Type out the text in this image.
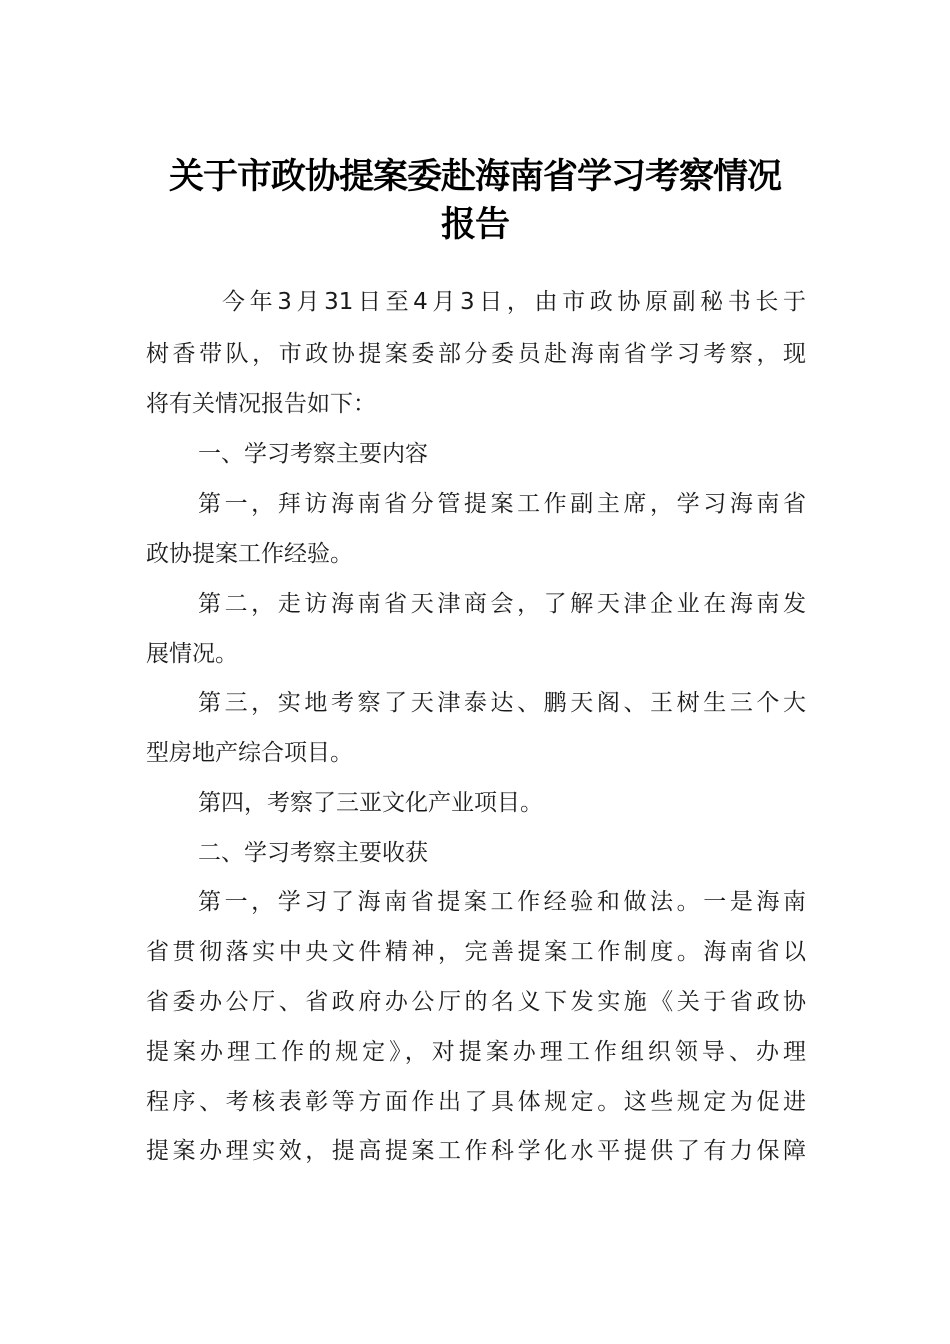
关于市政协提案委赴海南省学习考察情况
报告
今年3月31日至4月3日，由市政协原副秘书长于
树香带队，市政协提案委部分委员赴海南省学习考察，现
将有关情况报告如下：
一、学习考察主要内容
第一，拜访海南省分管提案工作副主席，学习海南省
政协提案工作经验。
第二，走访海南省天津商会，了解天津企业在海南发
展情况。
第三，实地考察了天津泰达、鹏天阁、王树生三个大
型房地产综合项目。
第四，考察了三亚文化产业项目。
二、学习考察主要收获
第一，学习了海南省提案工作经验和做法。一是海南
省贯彻落实中央文件精神，完善提案工作制度。海南省以
省委办公厅、省政府办公厅的名义下发实施《关于省政协
提案办理工作的规定》，对提案办理工作组织领导、办理
程序、考核表彰等方面作出了具体规定。这些规定为促进
提案办理实效，提高提案工作科学化水平提供了有力保障
